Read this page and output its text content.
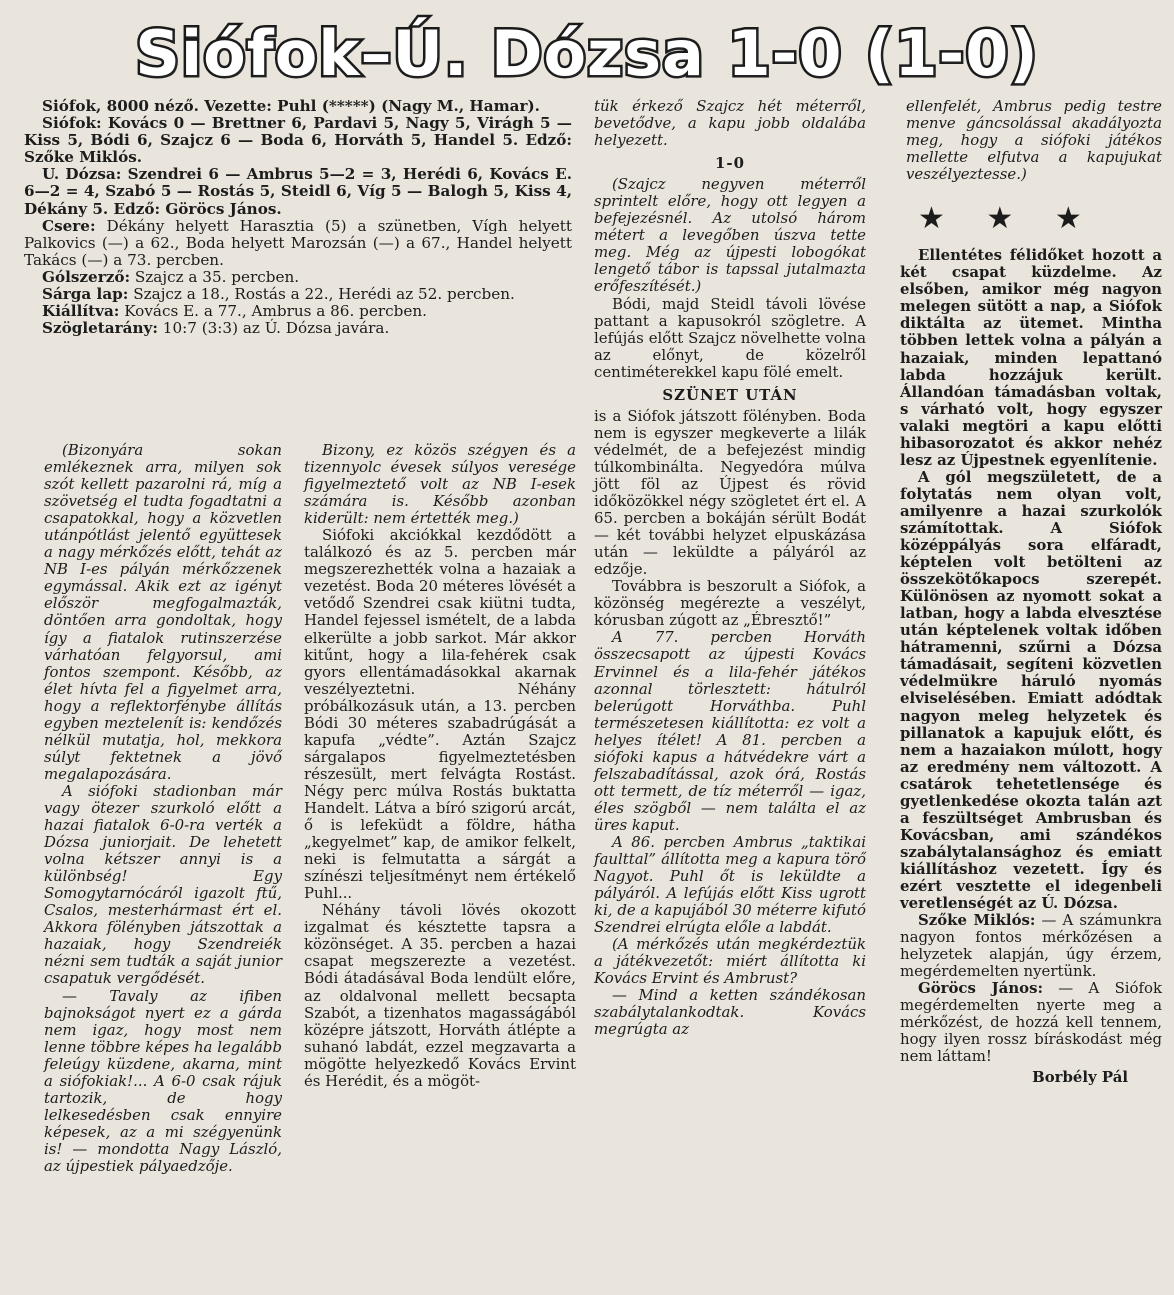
Siófok–Ú. Dózsa 1-0 (1-0)

Siófok, 8000 néző. Vezette: Puhl (*****) (Nagy M., Hamar).

Siófok: Kovács 0 — Brettner 6, Pardavi 5, Nagy 5, Virágh 5 — Kiss 5, Bódi 6, Szajcz 6 — Boda 6, Horváth 5, Handel 5. Edző: Szőke Miklós.

U. Dózsa: Szendrei 6 — Ambrus 5—2 = 3, Herédi 6, Kovács E. 6—2 = 4, Szabó 5 — Rostás 5, Steidl 6, Víg 5 — Balogh 5, Kiss 4, Dékány 5. Edző: Göröcs János.

Csere: Dékány helyett Harasztia (5) a szünetben, Vígh helyett Palkovics (—) a 62., Boda helyett Marozsán (—) a 67., Handel helyett Takács (—) a 73. percben.

Gólszerző: Szajcz a 35. percben.

Sárga lap: Szajcz a 18., Rostás a 22., Herédi az 52. percben.

Kiállítva: Kovács E. a 77., Ambrus a 86. percben.

Szögletarány: 10:7 (3:3) az Ú. Dózsa javára.

(Bizonyára sokan emlékeznek arra, milyen sok szót kellett pazarolni rá, míg a szövetség el tudta fogadtatni a csapatokkal, hogy a közvetlen utánpótlást jelentő együttesek a nagy mérkőzés előtt, tehát az NB I-es pályán mérkőzzenek egymással. Akik ezt az igényt először megfogalmazták, döntően arra gondoltak, hogy így a fiatalok rutinszerzése várhatóan felgyorsul, ami fontos szempont. Később, az élet hívta fel a figyelmet arra, hogy a reflektorfénybe állítás egyben meztelenít is: kendőzés nélkül mutatja, hol, mekkora súlyt fektetnek a jövő megalapozására.

A siófoki stadionban már vagy ötezer szurkoló előtt a hazai fiatalok 6-0-ra verték a Dózsa juniorjait. De lehetett volna kétszer annyi is a különbség! Egy Somogytarnócáról igazolt ftű, Csalos, mesterhármast ért el. Akkora fölényben játszottak a hazaiak, hogy Szendreiék nézni sem tudták a saját junior csapatuk vergődését.

— Tavaly az ifiben bajnokságot nyert ez a gárda nem igaz, hogy most nem lenne többre képes ha legalább feleúgy küzdene, akarna, mint a siófokiak!... A 6-0 csak rájuk tartozik, de hogy lelkesedésben csak ennyire képesek, az a mi szégyenünk is! — mondotta Nagy László, az újpestiek pályaedzője.

Bizony, ez közös szégyen és a tizennyolc évesek súlyos veresége figyelmeztető volt az NB I-esek számára is. Később azonban kiderült: nem értették meg.)

Siófoki akciókkal kezdődött a találkozó és az 5. percben már megszerezhették volna a hazaiak a vezetést. Boda 20 méteres lövését a vetődő Szendrei csak kiütni tudta, Handel fejessel ismételt, de a labda elkerülte a jobb sarkot. Már akkor kitűnt, hogy a lila-fehérek csak gyors ellentámadásokkal akarnak veszélyeztetni. Néhány próbálkozásuk után, a 13. percben Bódi 30 méteres szabadrúgását a kapufa „védte”. Aztán Szajcz sárgalapos figyelmeztetésben részesült, mert felvágta Rostást. Négy perc múlva Rostás buktatta Handelt. Látva a bíró szigorú arcát, ő is lefeküdt a földre, hátha „kegyelmet” kap, de amikor felkelt, neki is felmutatta a sárgát a színészi teljesítményt nem értékelő Puhl...

Néhány távoli lövés okozott izgalmat és késztette tapsra a közönséget. A 35. percben a hazai csapat megszerezte a vezetést. Bódi átadásával Boda lendült előre, az oldalvonal mellett becsapta Szabót, a tizenhatos magasságából középre játszott, Horváth átlépte a suhanó labdát, ezzel megzavarta a mögötte helyezkedő Kovács Ervint és Herédit, és a mögöt-

tük érkező Szajcz hét méterről, bevetődve, a kapu jobb oldalába helyezett.

1-0

(Szajcz negyven méterről sprintelt előre, hogy ott legyen a befejezésnél. Az utolsó három métert a levegőben úszva tette meg. Még az újpesti lobogókat lengető tábor is tapssal jutalmazta erőfeszítését.)

Bódi, majd Steidl távoli lövése pattant a kapusokról szögletre. A lefújás előtt Szajcz növelhette volna az előnyt, de közelről centiméterekkel kapu fölé emelt.

SZÜNET UTÁN

is a Siófok játszott fölényben. Boda nem is egyszer megkeverte a lilák védelmét, de a befejezést mindig túlkombinálta. Negyedóra múlva jött föl az Újpest és rövid időközökkel négy szögletet ért el. A 65. percben a bokáján sérült Bodát — két további helyzet elpuskázása után — leküldte a pályáról az edzője.

Továbbra is beszorult a Siófok, a közönség megérezte a veszélyt, kórusban zúgott az „Ébresztő!”

A 77. percben Horváth összecsapott az újpesti Kovács Ervinnel és a lila-fehér játékos azonnal törlesztett: hátulról belerúgott Horváthba. Puhl természetesen kiállította: ez volt a helyes ítélet! A 81. percben a siófoki kapus a hátvédekre várt a felszabadítással, azok órá, Rostás ott termett, de tíz méterről — igaz, éles szögből — nem találta el az üres kaput.

A 86. percben Ambrus „taktikai faulttal” állította meg a kapura törő Nagyot. Puhl őt is leküldte a pályáról. A lefújás előtt Kiss ugrott ki, de a kapujából 30 méterre kifutó Szendrei elrúgta előle a labdát.

(A mérkőzés után megkérdeztük a játékvezetőt: miért állította ki Kovács Ervint és Ambrust?

— Mind a ketten szándékosan szabálytalankodtak. Kovács megrúgta az

ellenfelét, Ambrus pedig testre menve gáncsolással akadályozta meg, hogy a siófoki játékos mellette elfutva a kapujukat veszélyeztesse.)

★ ★ ★

Ellentétes félidőket hozott a két csapat küzdelme. Az elsőben, amikor még nagyon melegen sütött a nap, a Siófok diktálta az ütemet. Mintha többen lettek volna a pályán a hazaiak, minden lepattanó labda hozzájuk került. Állandóan támadásban voltak, s várható volt, hogy egyszer valaki megtöri a kapu előtti hibasorozatot és akkor nehéz lesz az Újpestnek egyenlítenie.

A gól megszületett, de a folytatás nem olyan volt, amilyenre a hazai szurkolók számítottak. A Siófok középpályás sora elfáradt, képtelen volt betölteni az összekötőkapocs szerepét. Különösen az nyomott sokat a latban, hogy a labda elvesztése után képtelenek voltak időben hátramenni, szűrni a Dózsa támadásait, segíteni közvetlen védelmükre háruló nyomás elviselésében. Emiatt adódtak nagyon meleg helyzetek és pillanatok a kapujuk előtt, és nem a hazaiakon múlott, hogy az eredmény nem változott. A csatárok tehetetlensége és gyetlenkedése okozta talán azt a feszültséget Ambrusban és Kovácsban, ami szándékos szabálytalansághoz és emiatt kiállításhoz vezetett. Így és ezért vesztette el idegenbeli veretlenségét az Ú. Dózsa.

Szőke Miklós: — A számunkra nagyon fontos mérkőzésen a helyzetek alapján, úgy érzem, megérdemelten nyertünk.

Göröcs János: — A Siófok megérdemelten nyerte meg a mérkőzést, de hozzá kell tennem, hogy ilyen rossz bíráskodást még nem láttam!

Borbély Pál
